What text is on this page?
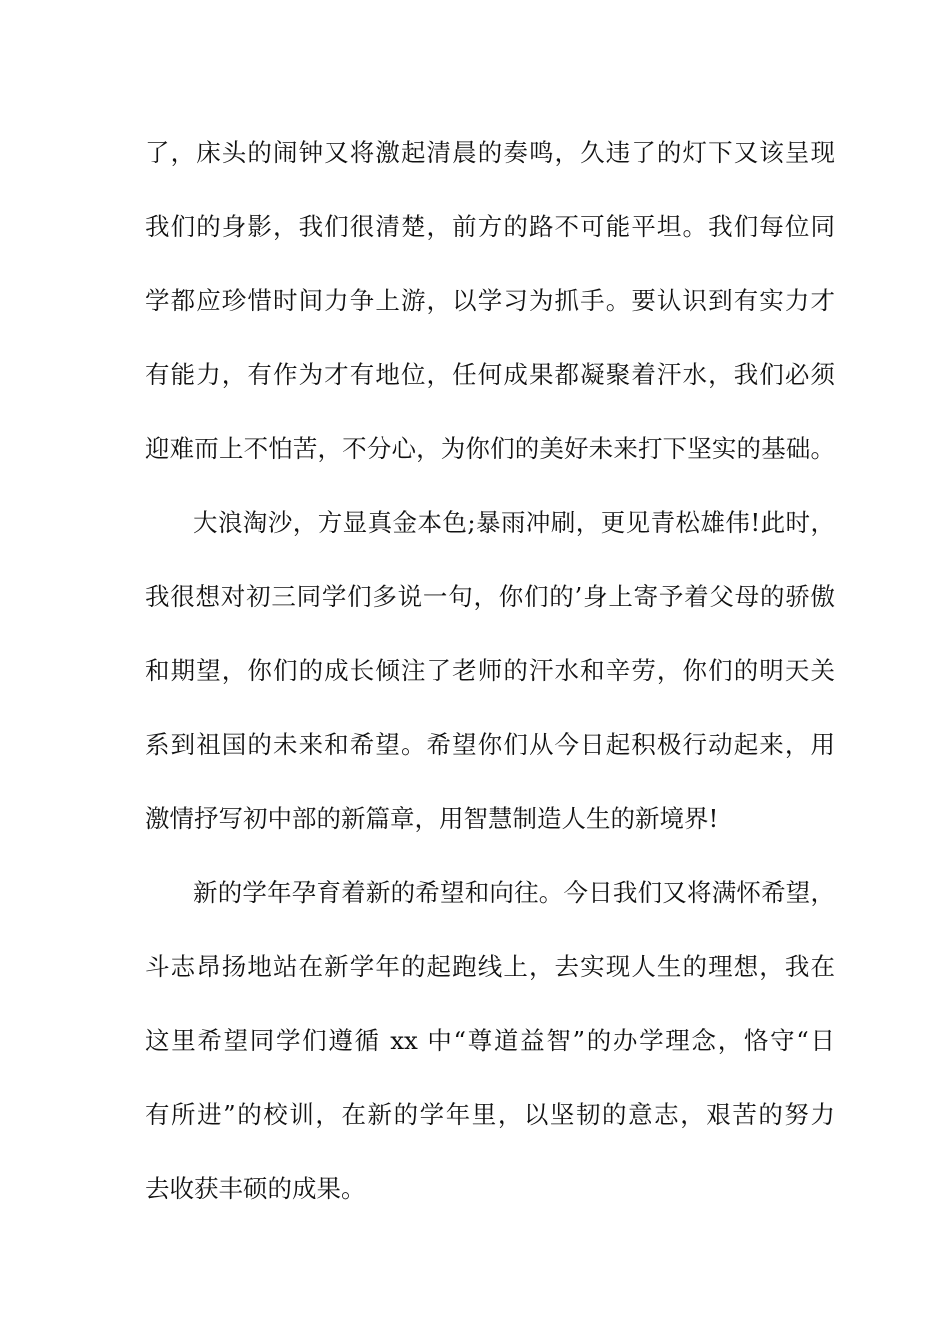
了，床头的闹钟又将激起清晨的奏鸣，久违了的灯下又该呈现
我们的身影，我们很清楚，前方的路不可能平坦。我们每位同
学都应珍惜时间力争上游，以学习为抓手。要认识到有实力才
有能力，有作为才有地位，任何成果都凝聚着汗水，我们必须
迎难而上不怕苦，不分心，为你们的美好未来打下坚实的基础。
大浪淘沙，方显真金本色;暴雨冲刷，更见青松雄伟!此时，
我很想对初三同学们多说一句，你们的’身上寄予着父母的骄傲
和期望，你们的成长倾注了老师的汗水和辛劳，你们的明天关
系到祖国的未来和希望。希望你们从今日起积极行动起来，用
激情抒写初中部的新篇章，用智慧制造人生的新境界!
新的学年孕育着新的希望和向往。今日我们又将满怀希望，
斗志昂扬地站在新学年的起跑线上，去实现人生的理想，我在
这里希望同学们遵循 xx 中“尊道益智”的办学理念，恪守“日
有所进”的校训，在新的学年里，以坚韧的意志，艰苦的努力
去收获丰硕的成果。
